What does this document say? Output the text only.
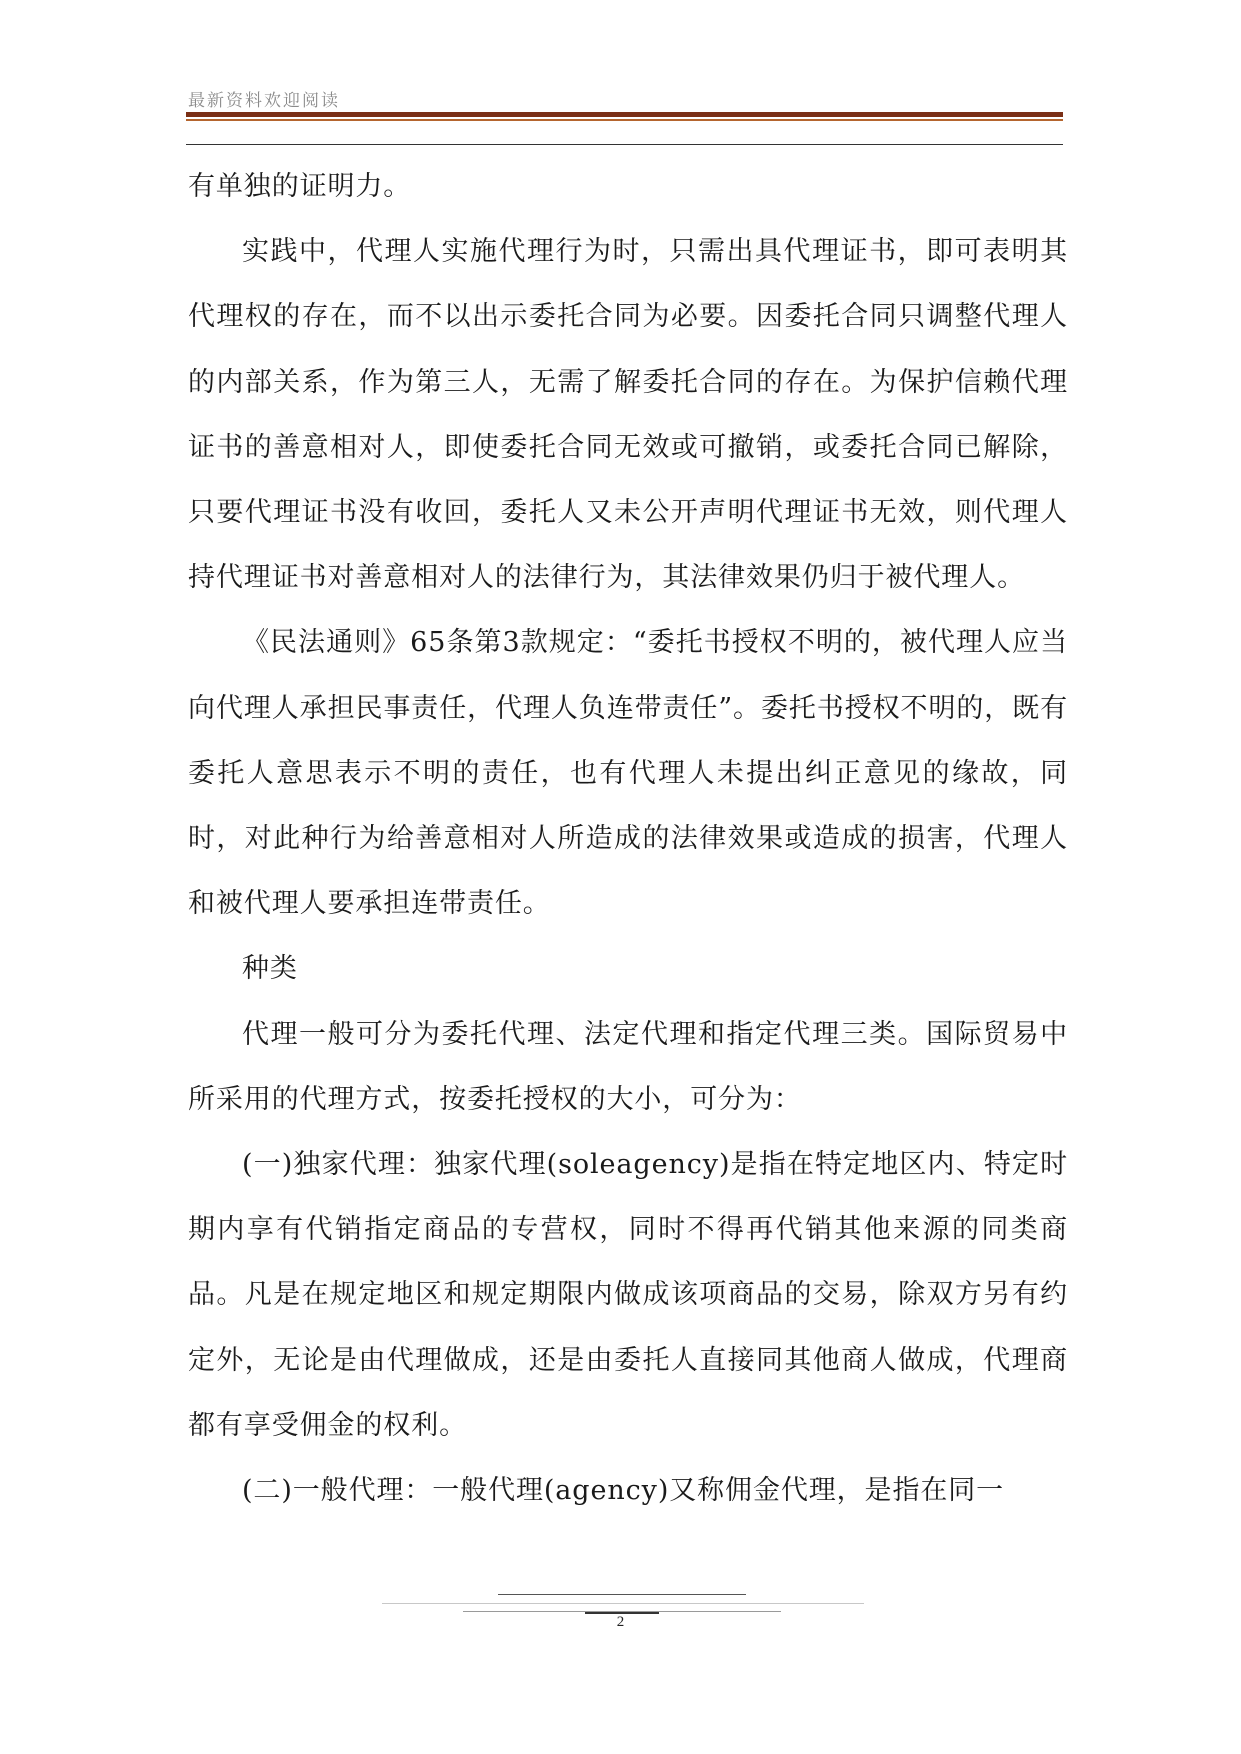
最新资料欢迎阅读

有单独的证明力。

实践中，代理人实施代理行为时，只需出具代理证书，即可表明其代理权的存在，而不以出示委托合同为必要。因委托合同只调整代理人的内部关系，作为第三人，无需了解委托合同的存在。为保护信赖代理证书的善意相对人，即使委托合同无效或可撤销，或委托合同已解除，只要代理证书没有收回，委托人又未公开声明代理证书无效，则代理人持代理证书对善意相对人的法律行为，其法律效果仍归于被代理人。

《民法通则》65条第3款规定：“委托书授权不明的，被代理人应当向代理人承担民事责任，代理人负连带责任”。委托书授权不明的，既有委托人意思表示不明的责任，也有代理人未提出纠正意见的缘故，同时，对此种行为给善意相对人所造成的法律效果或造成的损害，代理人和被代理人要承担连带责任。

种类

代理一般可分为委托代理、法定代理和指定代理三类。国际贸易中所采用的代理方式，按委托授权的大小，可分为：

(一)独家代理：独家代理(soleagency)是指在特定地区内、特定时期内享有代销指定商品的专营权，同时不得再代销其他来源的同类商品。凡是在规定地区和规定期限内做成该项商品的交易，除双方另有约定外，无论是由代理做成，还是由委托人直接同其他商人做成，代理商都有享受佣金的权利。

(二)一般代理：一般代理(agency)又称佣金代理，是指在同一

2
